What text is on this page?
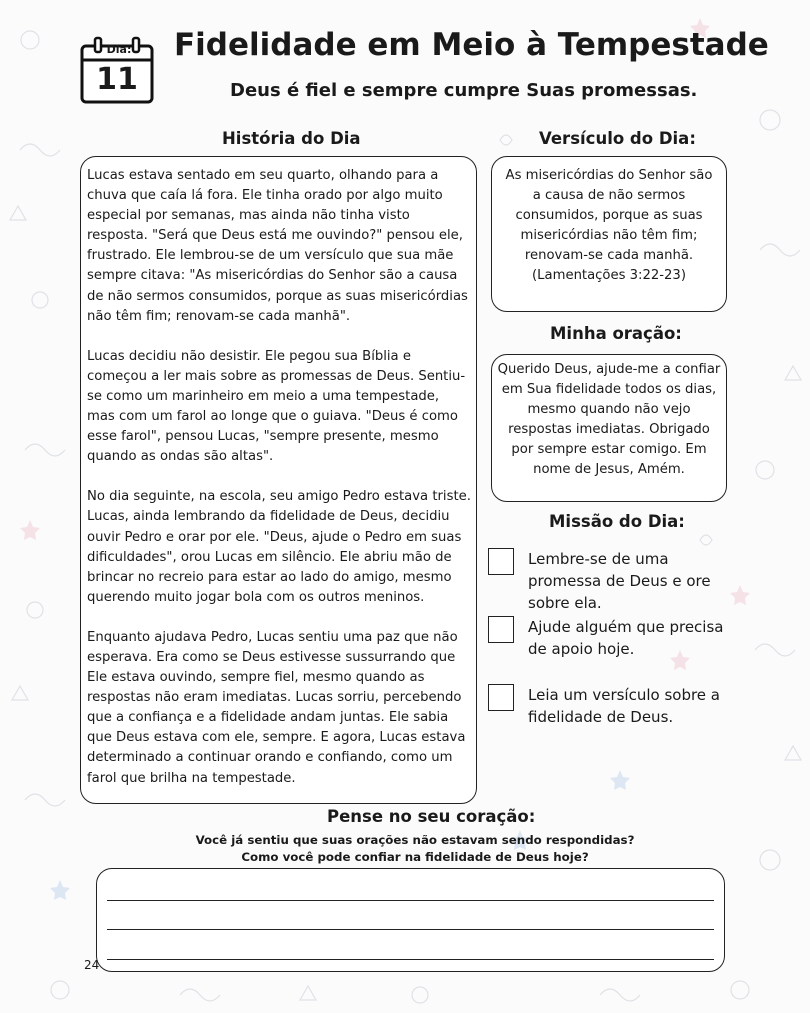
Dia:
11
Fidelidade em Meio à Tempestade
Deus é fiel e sempre cumpre Suas promessas.
História do Dia

Lucas estava sentado em seu quarto, olhando para a chuva que caía lá fora. Ele tinha orado por algo muito especial por semanas, mas ainda não tinha visto resposta. "Será que Deus está me ouvindo?" pensou ele, frustrado. Ele lembrou-se de um versículo que sua mãe sempre citava: "As misericórdias do Senhor são a causa de não sermos consumidos, porque as suas misericórdias não têm fim; renovam-se cada manhã".

Lucas decidiu não desistir. Ele pegou sua Bíblia e começou a ler mais sobre as promessas de Deus. Sentiu-se como um marinheiro em meio a uma tempestade, mas com um farol ao longe que o guiava. "Deus é como esse farol", pensou Lucas, "sempre presente, mesmo quando as ondas são altas".

No dia seguinte, na escola, seu amigo Pedro estava triste. Lucas, ainda lembrando da fidelidade de Deus, decidiu ouvir Pedro e orar por ele. "Deus, ajude o Pedro em suas dificuldades", orou Lucas em silêncio. Ele abriu mão de brincar no recreio para estar ao lado do amigo, mesmo querendo muito jogar bola com os outros meninos.

Enquanto ajudava Pedro, Lucas sentiu uma paz que não esperava. Era como se Deus estivesse sussurrando que Ele estava ouvindo, sempre fiel, mesmo quando as respostas não eram imediatas. Lucas sorriu, percebendo que a confiança e a fidelidade andam juntas. Ele sabia que Deus estava com ele, sempre. E agora, Lucas estava determinado a continuar orando e confiando, como um farol que brilha na tempestade.

Versículo do Dia:
As misericórdias do Senhor são a causa de não sermos consumidos, porque as suas misericórdias não têm fim; renovam-se cada manhã. (Lamentações 3:22-23)
Minha oração:
Querido Deus, ajude-me a confiar em Sua fidelidade todos os dias, mesmo quando não vejo respostas imediatas. Obrigado por sempre estar comigo. Em nome de Jesus, Amém.
Missão do Dia:
Lembre-se de uma promessa de Deus e ore sobre ela.
Ajude alguém que precisa de apoio hoje.
Leia um versículo sobre a fidelidade de Deus.
Pense no seu coração:
Você já sentiu que suas orações não estavam sendo respondidas?
Como você pode confiar na fidelidade de Deus hoje?
24
